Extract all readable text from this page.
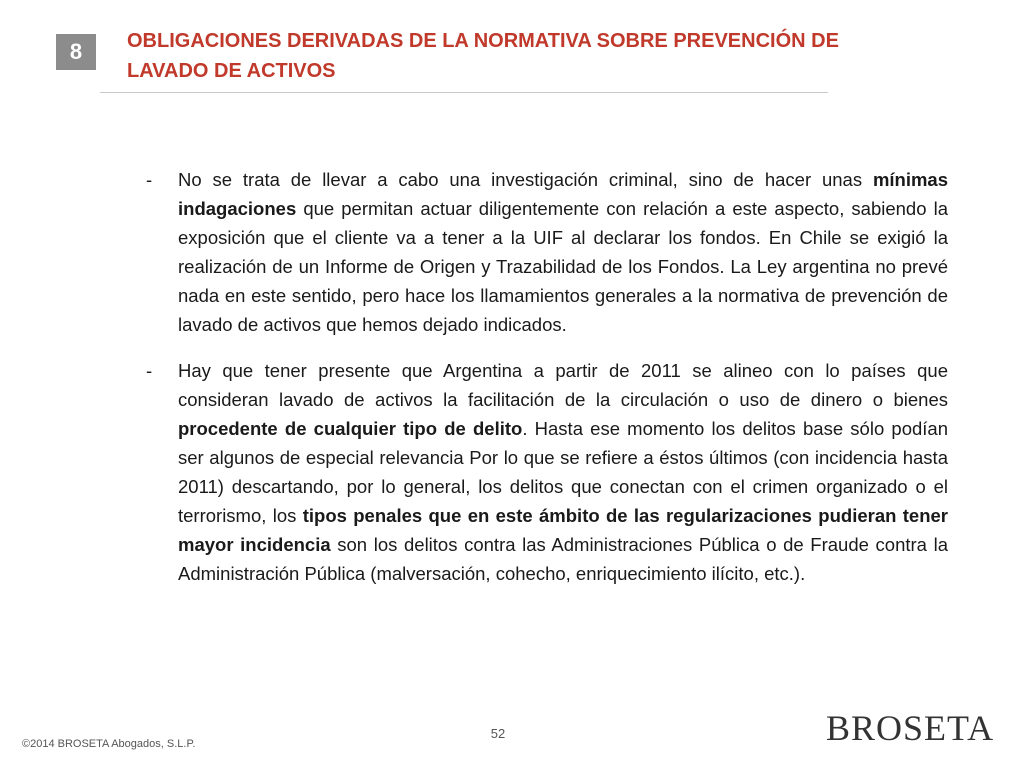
8	OBLIGACIONES DERIVADAS DE LA NORMATIVA SOBRE PREVENCIÓN DE
LAVADO DE ACTIVOS
-	No se trata de llevar a cabo una investigación criminal, sino de hacer unas mínimas indagaciones que permitan actuar diligentemente con relación a este aspecto, sabiendo la exposición que el cliente va a tener a la UIF al declarar los fondos. En Chile se exigió la realización de un Informe de Origen y Trazabilidad de los Fondos. La Ley argentina no prevé nada en este sentido, pero hace los llamamientos generales a la normativa de prevención de lavado de activos que hemos dejado indicados.

-	Hay que tener presente que Argentina a partir de 2011 se alineo con lo países que consideran lavado de activos la facilitación de la circulación o uso de dinero o bienes procedente de cualquier tipo de delito. Hasta ese momento los delitos base sólo podían ser algunos de especial relevancia Por lo que se refiere a éstos últimos (con incidencia hasta 2011) descartando, por lo general, los delitos que conectan con el crimen organizado o el terrorismo, los tipos penales que en este ámbito de las regularizaciones pudieran tener mayor incidencia son los delitos contra las Administraciones Pública o de Fraude contra la Administración Pública (malversación, cohecho, enriquecimiento ilícito, etc.).

52
©2014 BROSETA Abogados, S.L.P.	BROSETA
